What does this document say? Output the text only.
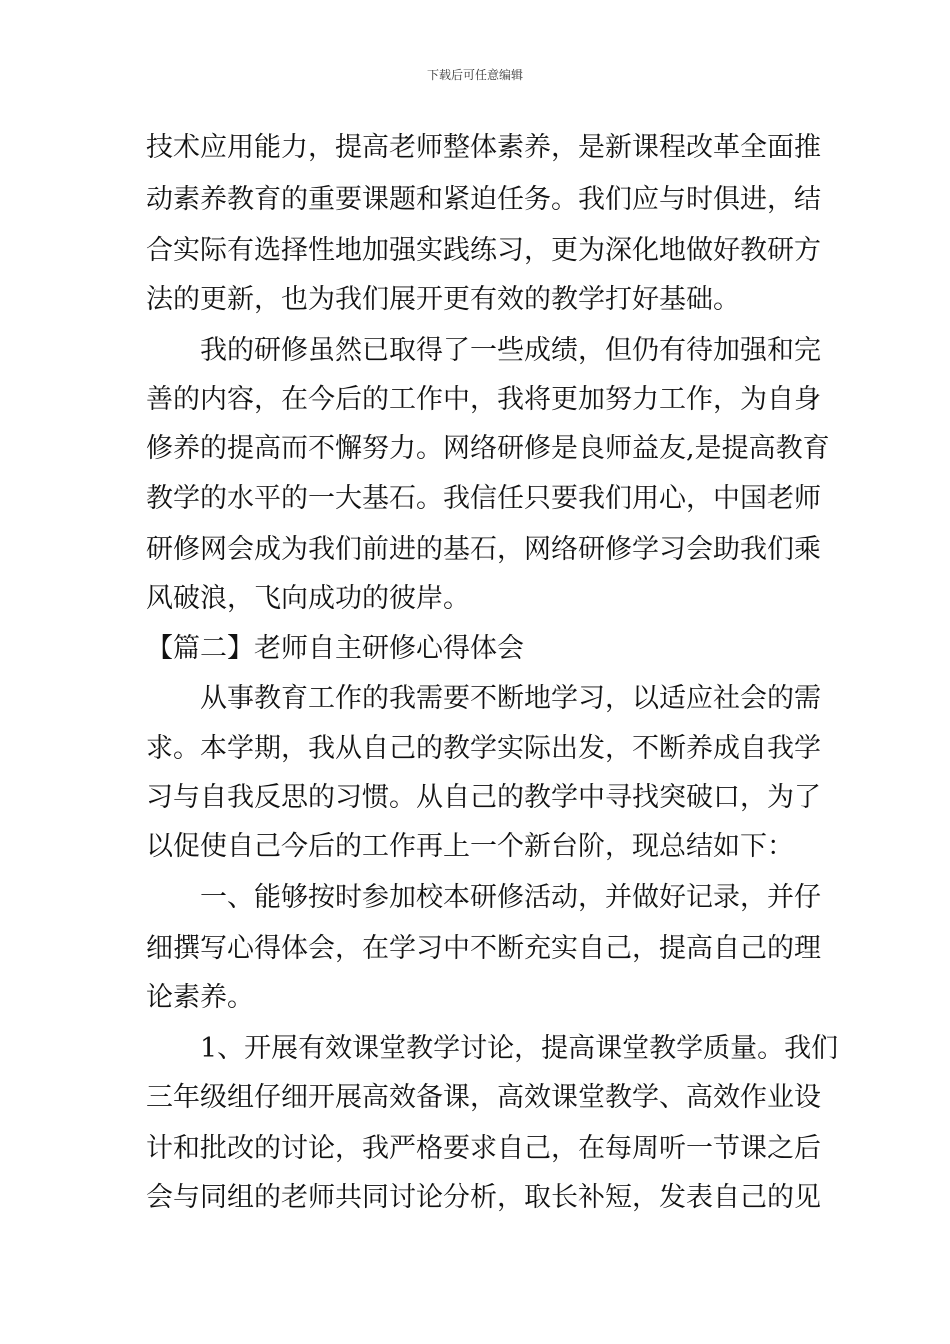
下载后可任意编辑
技术应用能力，提高老师整体素养，是新课程改革全面推
动素养教育的重要课题和紧迫任务。我们应与时俱进，结
合实际有选择性地加强实践练习，更为深化地做好教研方
法的更新，也为我们展开更有效的教学打好基础。
　　我的研修虽然已取得了一些成绩，但仍有待加强和完
善的内容，在今后的工作中，我将更加努力工作，为自身
修养的提高而不懈努力。网络研修是良师益友,是提高教育
教学的水平的一大基石。我信任只要我们用心，中国老师
研修网会成为我们前进的基石，网络研修学习会助我们乘
风破浪，飞向成功的彼岸。
【篇二】老师自主研修心得体会
　　从事教育工作的我需要不断地学习，以适应社会的需
求。本学期，我从自己的教学实际出发，不断养成自我学
习与自我反思的习惯。从自己的教学中寻找突破口，为了
以促使自己今后的工作再上一个新台阶，现总结如下：
　　一、能够按时参加校本研修活动，并做好记录，并仔
细撰写心得体会，在学习中不断充实自己，提高自己的理
论素养。
　　1、开展有效课堂教学讨论，提高课堂教学质量。我们
三年级组仔细开展高效备课，高效课堂教学、高效作业设
计和批改的讨论，我严格要求自己，在每周听一节课之后
会与同组的老师共同讨论分析，取长补短，发表自己的见
